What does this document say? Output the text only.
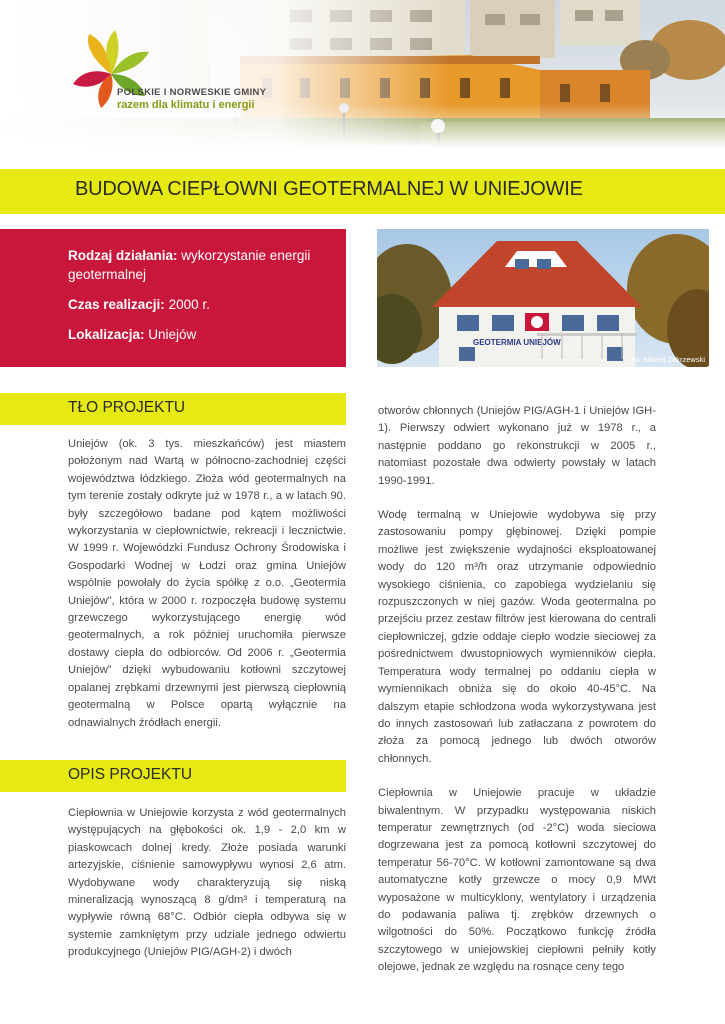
POLSKIE I NORWESKIE GMINY
razem dla klimatu i energii
BUDOWA CIEPŁOWNI GEOTERMALNEJ W UNIEJOWIE

Rodzaj działania: wykorzystanie energii geotermalnej

Czas realizacji: 2000 r.

Lokalizacja: Uniejów

GEOTERMIA UNIEJÓW
fot. Maciej Zakrzewski
TŁO PROJEKTU

Uniejów (ok. 3 tys. mieszkańców) jest miastem położonym nad Wartą w północno-zachodniej części województwa łódzkiego. Złoża wód geotermalnych na tym terenie zostały odkryte już w 1978 r., a w latach 90. były szczegółowo badane pod kątem możliwości wykorzystania w ciepłownictwie, rekreacji i lecznictwie. W 1999 r. Wojewódzki Fundusz Ochrony Środowiska i Gospodarki Wodnej w Łodzi oraz gmina Uniejów wspólnie powołały do życia spółkę z o.o. „Geotermia Uniejów”, która w 2000 r. rozpoczęła budowę systemu grzewczego wykorzystującego energię wód geotermalnych, a rok później uruchomiła pierwsze dostawy ciepła do odbiorców. Od 2006 r. „Geotermia Uniejów” dzięki wybudowaniu kotłowni szczytowej opalanej zrębkami drzewnymi jest pierwszą ciepłownią geotermalną w Polsce opartą wyłącznie na odnawialnych źródłach energii.

OPIS PROJEKTU

Ciepłownia w Uniejowie korzysta z wód geotermalnych występujących na głębokości ok. 1,9 - 2,0 km w piaskowcach dolnej kredy. Złoże posiada warunki artezyjskie, ciśnienie samowypływu wynosi 2,6 atm. Wydobywane wody charakteryzują się niską mineralizacją wynoszącą 8 g/dm³ i temperaturą na wypływie równą 68°C. Odbiór ciepła odbywa się w systemie zamkniętym przy udziale jednego odwiertu produkcyjnego (Uniejów PIG/AGH-2) i dwóch

otworów chłonnych (Uniejów PIG/AGH-1 i Uniejów IGH-1). Pierwszy odwiert wykonano już w 1978 r., a następnie poddano go rekonstrukcji w 2005 r., natomiast pozostałe dwa odwierty powstały w latach 1990-1991.

Wodę termalną w Uniejowie wydobywa się przy zastosowaniu pompy głębinowej. Dzięki pompie możliwe jest zwiększenie wydajności eksploatowanej wody do 120 m³/h oraz utrzymanie odpowiednio wysokiego ciśnienia, co zapobiega wydzielaniu się rozpuszczonych w niej gazów. Woda geotermalna po przejściu przez zestaw filtrów jest kierowana do centrali ciepłowniczej, gdzie oddaje ciepło wodzie sieciowej za pośrednictwem dwustopniowych wymienników ciepła. Temperatura wody termalnej po oddaniu ciepła w wymiennikach obniża się do około 40-45°C. Na dalszym etapie schłodzona woda wykorzystywana jest do innych zastosowań lub zatłaczana z powrotem do złoża za pomocą jednego lub dwóch otworów chłonnych.

Ciepłownia w Uniejowie pracuje w układzie biwalentnym. W przypadku występowania niskich temperatur zewnętrznych (od -2°C) woda sieciowa dogrzewana jest za pomocą kotłowni szczytowej do temperatur 56-70°C. W kotłowni zamontowane są dwa automatyczne kotły grzewcze o mocy 0,9 MWt wyposażone w multicyklony, wentylatory i urządzenia do podawania paliwa tj. zrębków drzewnych o wilgotności do 50%. Początkowo funkcję źródła szczytowego w uniejowskiej ciepłowni pełniły kotły olejowe, jednak ze względu na rosnące ceny tego
